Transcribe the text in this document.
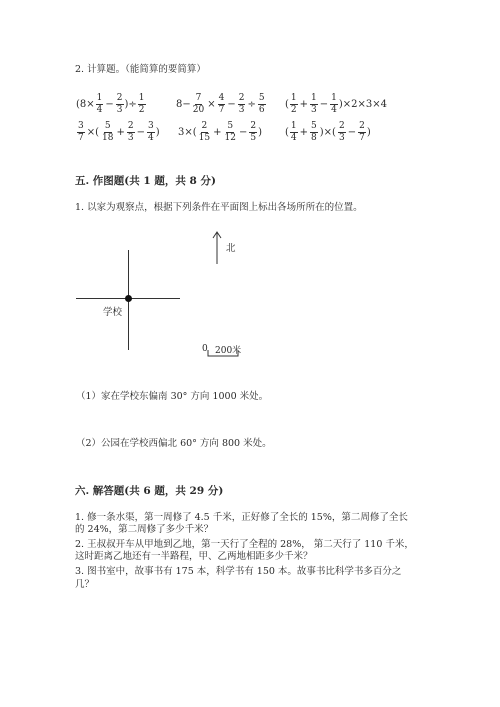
2. 计算题。（能简算的要简算）
($8\times \frac{1}{4} - \frac{2}{3}$ )÷ $\frac{1}{2}$	$8- \frac{7}{20} \times \frac{4}{7} - \frac{2}{3} \div \frac{5}{6}$ ( $\frac{1}{2} + \frac{1}{3} - \frac{1}{4} )\times 2\times 3\times 4$
$\frac{3}{7}$ ×( $\frac{5}{18} + \frac{2}{3} - \frac{3}{4}$ ) $3\times( \frac{2}{15} + \frac{5}{12} - \frac{2}{5}$ ) ( $\frac{1}{4} + \frac{5}{8}$ )×( $\frac{2}{3} - \frac{2}{7}$ )
五. 作图题(共 1 题，共 8 分)
1. 以家为观察点，根据下列条件在平面图上标出各场所所在的位置。
北
学校
0 200米
（1）家在学校东偏南 30° 方向 1000 米处。
（2）公园在学校西偏北 60° 方向 800 米处。
六. 解答题(共 6 题，共 29 分)
1. 修一条水渠，第一周修了 4.5 千米，正好修了全长的 15%，第二周修了全长
的 24%，第二周修了多少千米？
2. 王叔叔开车从甲地到乙地，第一天行了全程的 28%， 第二天行了 110 千米，
这时距离乙地还有一半路程，甲、乙两地相距多少千米？
3. 图书室中，故事书有 175 本，科学书有 150 本。故事书比科学书多百分之
几？
